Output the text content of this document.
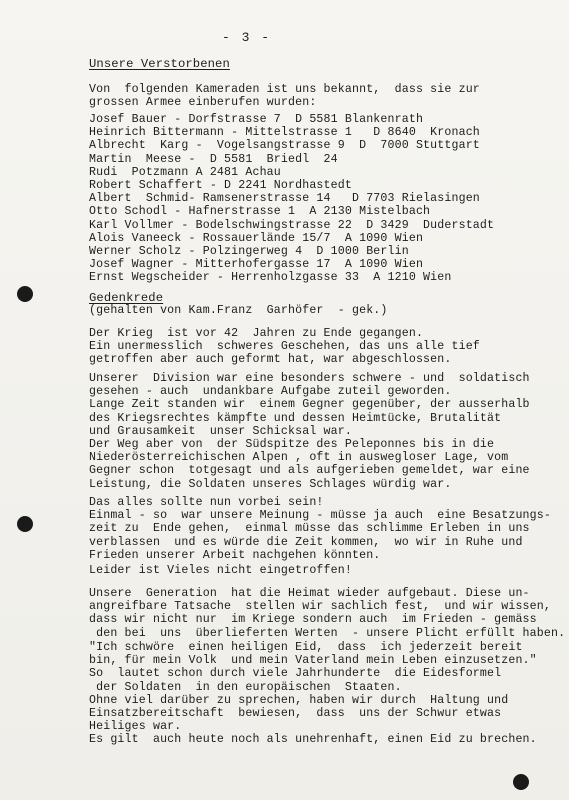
- 3 -
Unsere Verstorbenen
Von  folgenden Kameraden ist uns bekannt,  dass sie zur
grossen Armee einberufen wurden:
Josef Bauer - Dorfstrasse 7  D 5581 Blankenrath
Heinrich Bittermann - Mittelstrasse 1   D 8640  Kronach
Albrecht  Karg -  Vogelsangstrasse 9  D  7000 Stuttgart
Martin  Meese -  D 5581  Briedl  24
Rudi  Potzmann A 2481 Achau
Robert Schaffert - D 2241 Nordhastedt
Albert  Schmid- Ramsenerstrasse 14   D 7703 Rielasingen
Otto Schodl - Hafnerstrasse 1  A 2130 Mistelbach
Karl Vollmer - Bodelschwingstrasse 22  D 3429  Duderstadt
Alois Vaneeck - Rossauerlände 15/7  A 1090 Wien
Werner Scholz - Polzingerweg 4  D 1000 Berlin
Josef Wagner - Mitterhofergasse 17  A 1090 Wien
Ernst Wegscheider - Herrenholzgasse 33  A 1210 Wien
Gedenkrede
(gehalten von Kam.Franz  Garhöfer  - gek.)
Der Krieg  ist vor 42  Jahren zu Ende gegangen.
Ein unermesslich  schweres Geschehen, das uns alle tief
getroffen aber auch geformt hat, war abgeschlossen.
Unserer  Division war eine besonders schwere - und  soldatisch
gesehen - auch  undankbare Aufgabe zuteil geworden.
Lange Zeit standen wir  einem Gegner gegenüber, der ausserhalb
des Kriegsrechtes kämpfte und dessen Heimtücke, Brutalität
und Grausamkeit  unser Schicksal war.
Der Weg aber von  der Südspitze des Peleponnes bis in die
Niederösterreichischen Alpen , oft in auswegloser Lage, vom
Gegner schon  totgesagt und als aufgerieben gemeldet, war eine
Leistung, die Soldaten unseres Schlages würdig war.
Das alles sollte nun vorbei sein!
Einmal - so  war unsere Meinung - müsse ja auch  eine Besatzungs-
zeit zu  Ende gehen,  einmal müsse das schlimme Erleben in uns
verblassen  und es würde die Zeit kommen,  wo wir in Ruhe und
Frieden unserer Arbeit nachgehen könnten.
Leider ist Vieles nicht eingetroffen!
Unsere  Generation  hat die Heimat wieder aufgebaut. Diese un-
angreifbare Tatsache  stellen wir sachlich fest,  und wir wissen,
dass wir nicht nur  im Kriege sondern auch  im Frieden - gemäss
den bei  uns  überlieferten Werten  - unsere Plicht erfüllt haben.
"Ich schwöre  einen heiligen Eid,  dass  ich jederzeit bereit
bin, für mein Volk  und mein Vaterland mein Leben einzusetzen."
So  lautet schon durch viele Jahrhunderte  die Eidesformel
der Soldaten  in den europäischen  Staaten.
Ohne viel darüber zu sprechen, haben wir durch  Haltung und
Einsatzbereitschaft  bewiesen,  dass  uns der Schwur etwas
Heiliges war.
Es gilt  auch heute noch als unehrenhaft, einen Eid zu brechen.
